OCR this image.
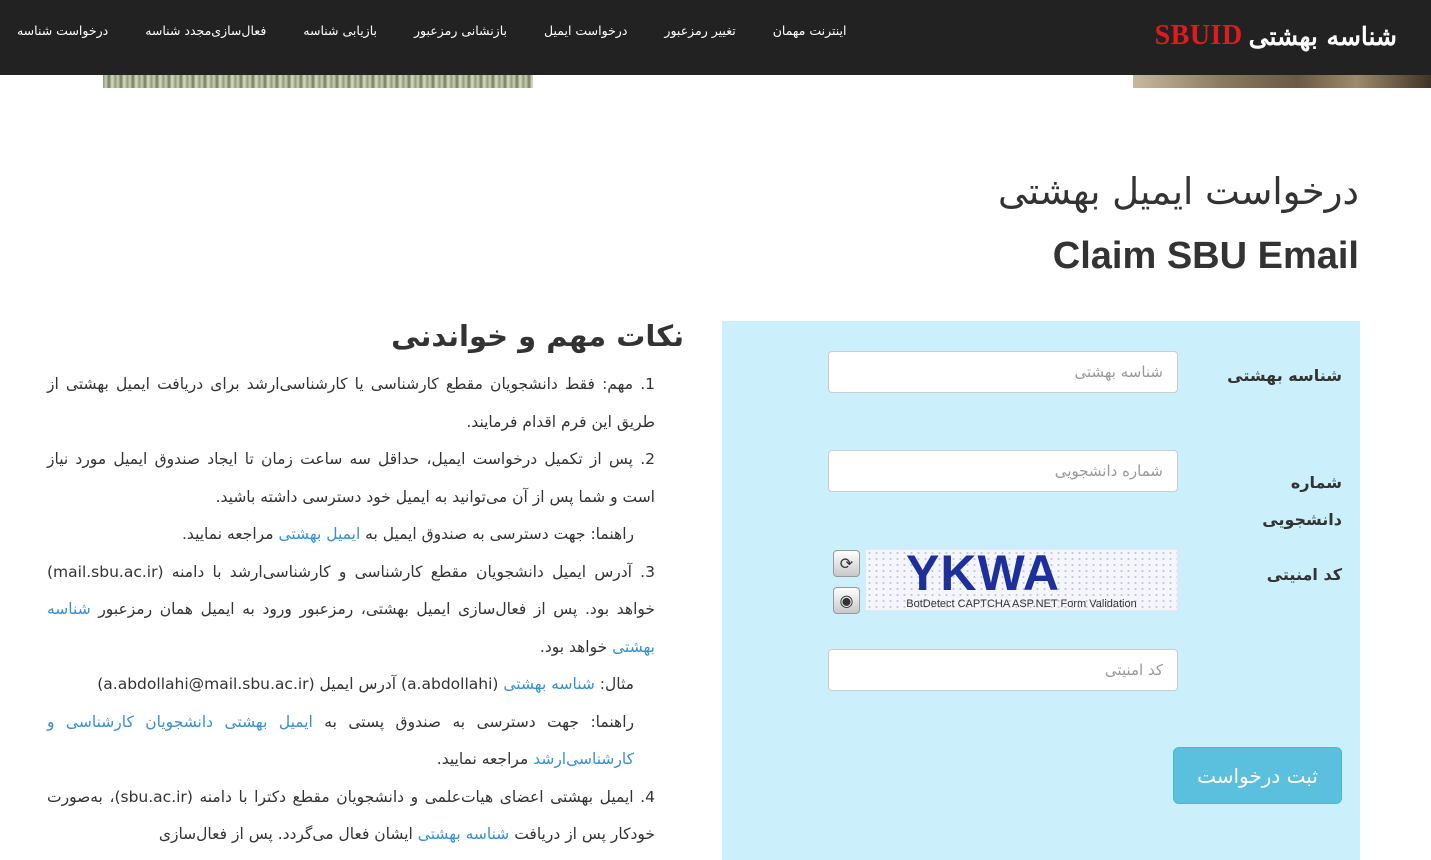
شناسه بهشتی
SBUID
اینترنت مهمان
تغییر رمزعبور
درخواست ایمیل
بازنشانی رمزعبور
بازیابی شناسه
فعال‌سازی‌مجدد شناسه
درخواست شناسه
درخواست ایمیل بهشتی
Claim SBU Email
شناسه بهشتی
شناسه بهشتی
شماره دانشجویی
شماره دانشجویی
کد امنیتی
YKWA
BotDetect CAPTCHA ASP.NET Form Validation
⟳
◉
کد امنیتی
ثبت درخواست
نکات مهم و خواندنی
1. مهم: فقط دانشجویان مقطع کارشناسی یا کارشناسی‌ارشد برای دریافت ایمیل بهشتی از طریق این فرم اقدام فرمایند.
2. پس از تکمیل درخواست ایمیل، حداقل سه ساعت زمان تا ایجاد صندوق ایمیل مورد نیاز است و شما پس از آن می‌توانید به ایمیل خود دسترسی داشته باشید.
راهنما: جهت دسترسی به صندوق ایمیل به ایمیل بهشتی مراجعه نمایید.
3. آدرس ایمیل دانشجویان مقطع کارشناسی و کارشناسی‌ارشد با دامنه (mail.sbu.ac.ir) خواهد بود. پس از فعال‌سازی ایمیل بهشتی، رمزعبور ورود به ایمیل همان رمزعبور شناسه بهشتی خواهد بود.
مثال: شناسه بهشتی (a.abdollahi) آدرس ایمیل (a.abdollahi@mail.sbu.ac.ir)
راهنما: جهت دسترسی به صندوق پستی به ایمیل بهشتی دانشجویان کارشناسی و کارشناسی‌ارشد مراجعه نمایید.
4. ایمیل بهشتی اعضای هیات‌علمی و دانشجویان مقطع دکترا با دامنه (sbu.ac.ir)، به‌صورت خودکار پس از دریافت شناسه بهشتی ایشان فعال می‌گردد. پس از فعال‌سازی
